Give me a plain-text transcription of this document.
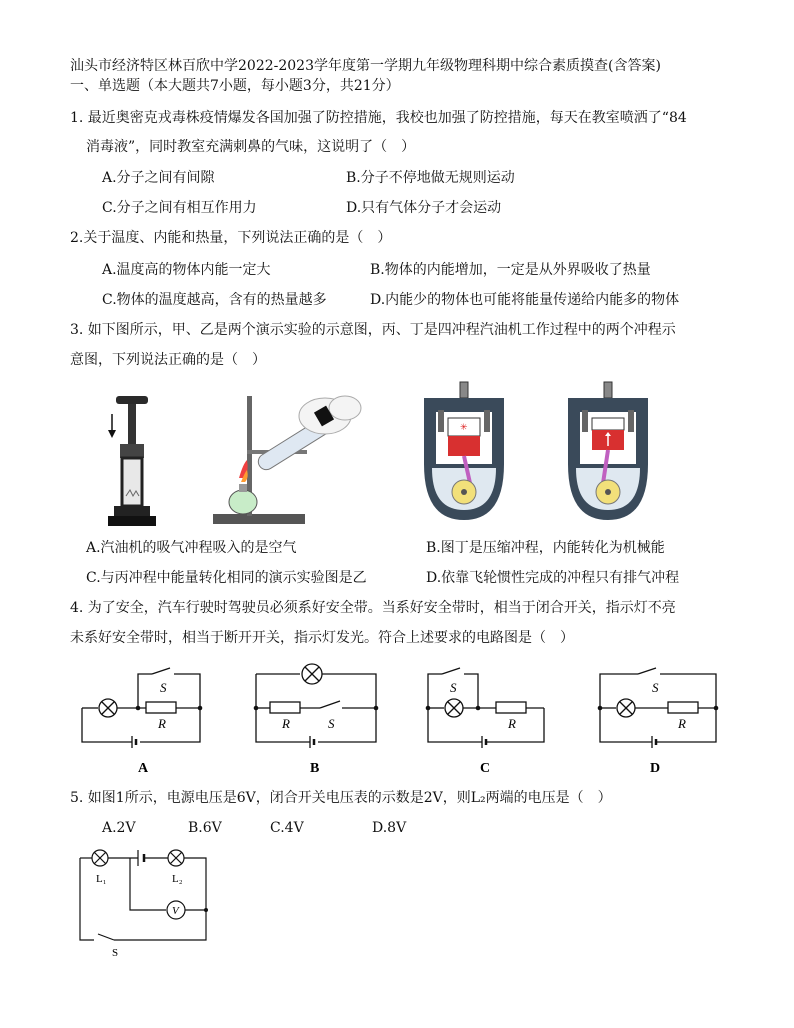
汕头市经济特区林百欣中学2022-2023学年度第一学期九年级物理科期中综合素质摸查(含答案)
一、单选题（本大题共7小题，每小题3分，共21分）
1. 最近奥密克戎毒株疫情爆发各国加强了防控措施，我校也加强了防控措施，每天在教室喷洒了“84
消毒液”，同时教室充满刺鼻的气味，这说明了（　）
A.分子之间有间隙	B.分子不停地做无规则运动
C.分子之间有相互作用力	D.只有气体分子才会运动
2.关于温度、内能和热量，下列说法正确的是（　）
A.温度高的物体内能一定大	B.物体的内能增加，一定是从外界吸收了热量
C.物体的温度越高，含有的热量越多	D.内能少的物体也可能将能量传递给内能多的物体
3. 如下图所示，甲、乙是两个演示实验的示意图，丙、丁是四冲程汽油机工作过程中的两个冲程示
意图，下列说法正确的是（　）
✳
A.汽油机的吸气冲程吸入的是空气	B.图丁是压缩冲程，内能转化为机械能
C.与丙冲程中能量转化相同的演示实验图是乙	D.依靠飞轮惯性完成的冲程只有排气冲程
4. 为了安全，汽车行驶时驾驶员必须系好安全带。当系好安全带时，相当于闭合开关，指示灯不亮
未系好安全带时，相当于断开开关，指示灯发光。符合上述要求的电路图是（　）
S
R
A
R	S
B
S
R
C
S
R
D
5. 如图1所示，电源电压是6V，闭合开关电压表的示数是2V，则L₂两端的电压是（　）
A.2V	B.6V	C.4V	D.8V
V
L₁	L₂
S
